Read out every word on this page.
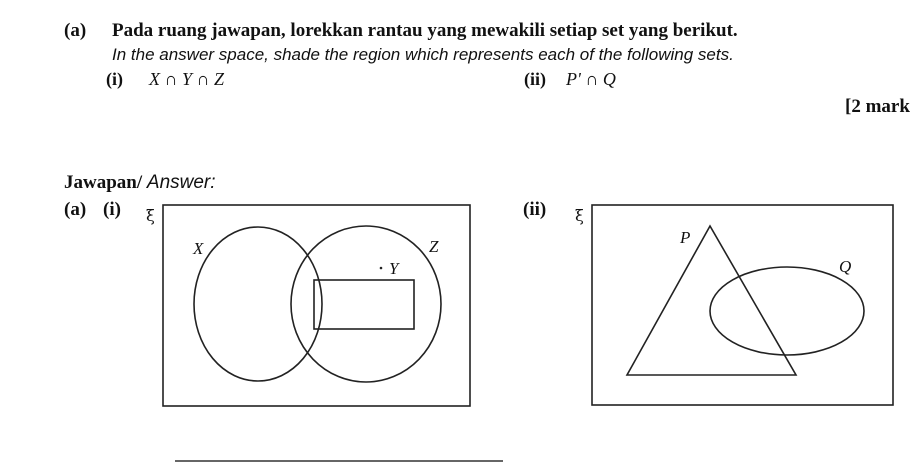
(a) Pada ruang jawapan, lorekkan rantau yang mewakili setiap set yang berikut.
In the answer space, shade the region which represents each of the following sets.
(i) X ∩ Y ∩ Z	(ii) P' ∩ Q
[2 mark
Jawapan/ Answer:
(a) (i)	(ii)
ξ
X
Y
Z
ξ
P
Q
